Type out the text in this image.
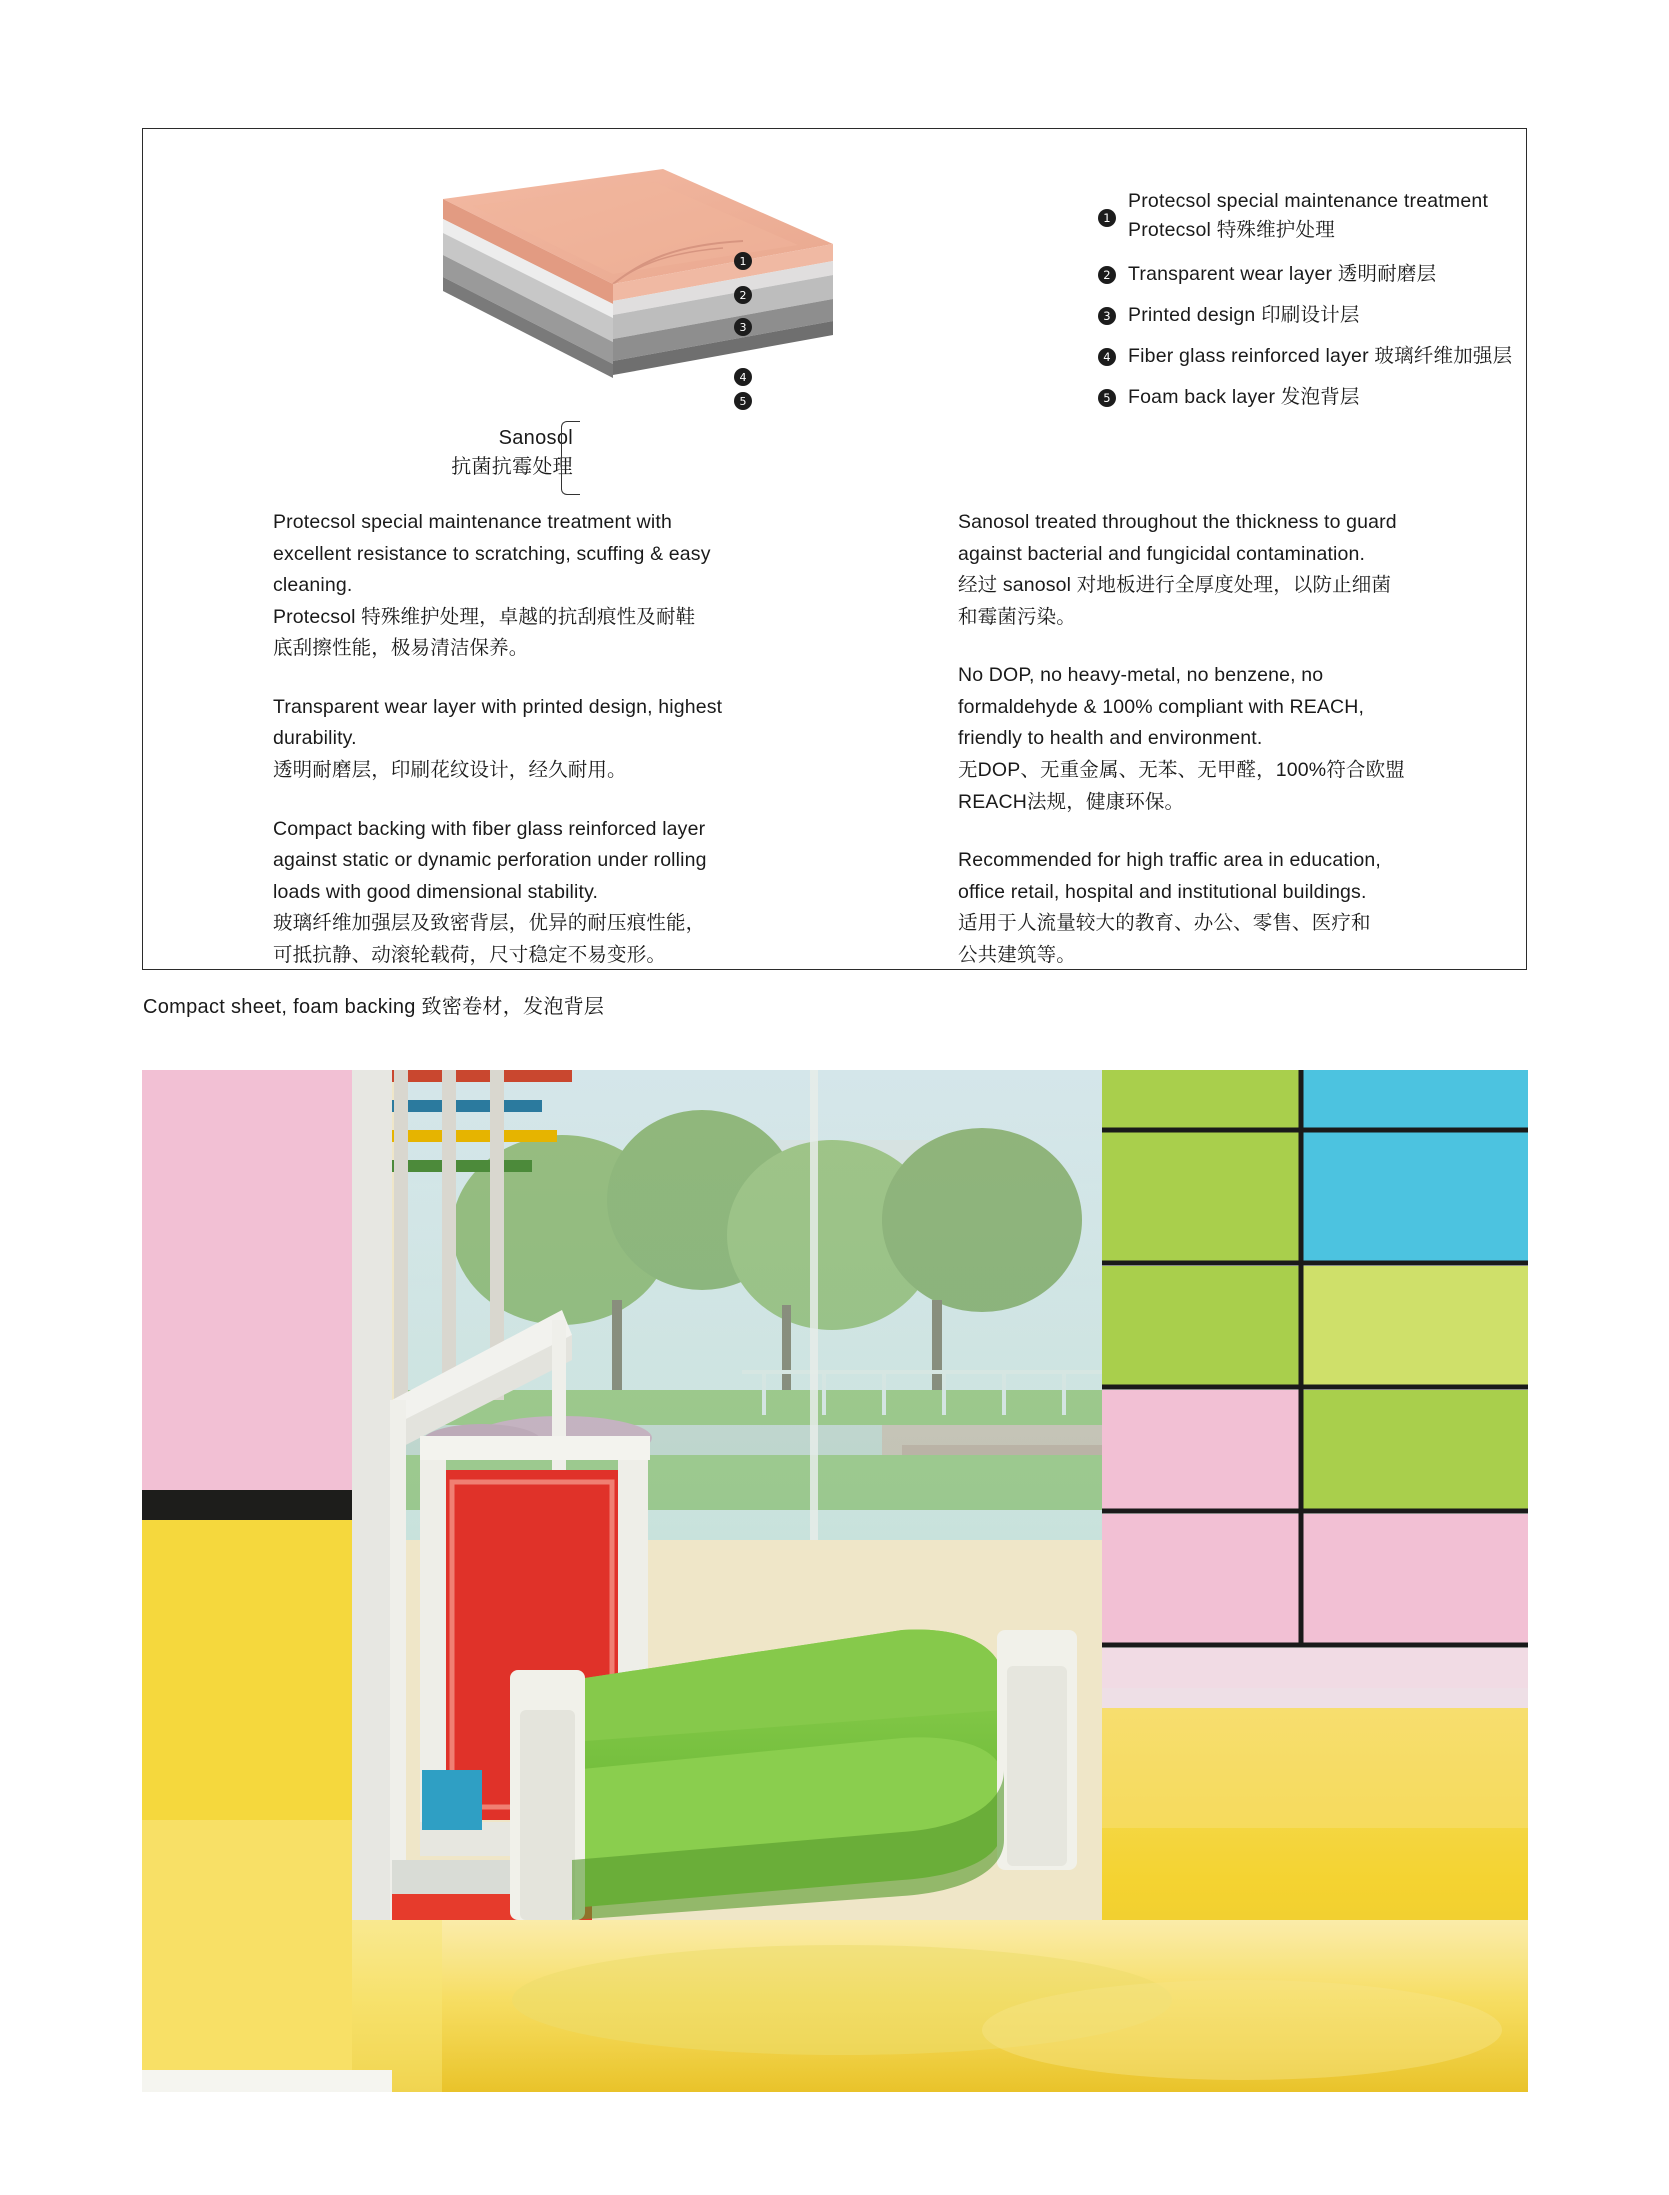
1
2
3
4
5
Sanosol
抗菌抗霉处理
1
Protecsol special maintenance treatment
Protecsol 特殊维护处理
2 Transparent wear layer 透明耐磨层
3 Printed design 印刷设计层
4 Fiber glass reinforced layer 玻璃纤维加强层
5 Foam back layer 发泡背层
Protecsol special maintenance treatment with
excellent resistance to scratching, scuffing & easy
cleaning.
Protecsol 特殊维护处理，卓越的抗刮痕性及耐鞋
底刮擦性能，极易清洁保养。
Transparent wear layer with printed design, highest
durability.
透明耐磨层，印刷花纹设计，经久耐用。
Compact backing with fiber glass reinforced layer
against static or dynamic perforation under rolling
loads with good dimensional stability.
玻璃纤维加强层及致密背层，优异的耐压痕性能，
可抵抗静、动滚轮载荷，尺寸稳定不易变形。
Sanosol treated throughout the thickness to guard
against bacterial and fungicidal contamination.
经过 sanosol 对地板进行全厚度处理，以防止细菌
和霉菌污染。
No DOP, no heavy-metal, no benzene, no
formaldehyde & 100% compliant with REACH,
friendly to health and environment.
无DOP、无重金属、无苯、无甲醛，100%符合欧盟
REACH法规，健康环保。
Recommended for high traffic area in education,
office retail, hospital and institutional buildings.
适用于人流量较大的教育、办公、零售、医疗和
公共建筑等。
Compact sheet, foam backing 致密卷材，发泡背层
